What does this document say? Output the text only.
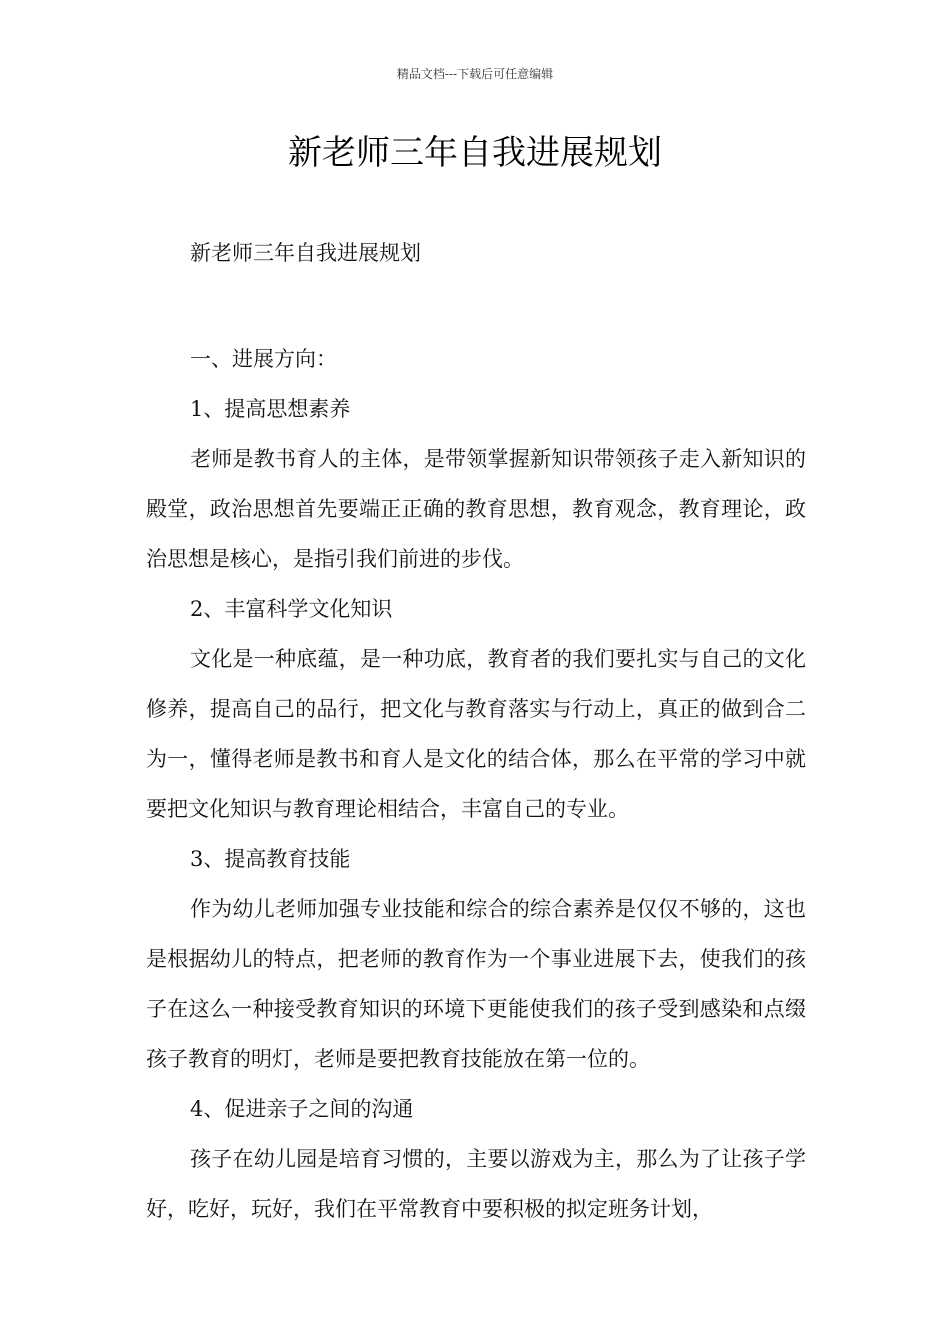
精品文档---下载后可任意编辑
新老师三年自我进展规划

新老师三年自我进展规划

一、进展方向：

1、提高思想素养

老师是教书育人的主体，是带领掌握新知识带领孩子走入新知识的殿堂，政治思想首先要端正正确的教育思想，教育观念，教育理论，政治思想是核心，是指引我们前进的步伐。

2、丰富科学文化知识

文化是一种底蕴，是一种功底，教育者的我们要扎实与自己的文化修养，提高自己的品行，把文化与教育落实与行动上，真正的做到合二为一，懂得老师是教书和育人是文化的结合体，那么在平常的学习中就要把文化知识与教育理论相结合，丰富自己的专业。

3、提高教育技能

作为幼儿老师加强专业技能和综合的综合素养是仅仅不够的，这也是根据幼儿的特点，把老师的教育作为一个事业进展下去，使我们的孩子在这么一种接受教育知识的环境下更能使我们的孩子受到感染和点缀孩子教育的明灯，老师是要把教育技能放在第一位的。

4、促进亲子之间的沟通

孩子在幼儿园是培育习惯的，主要以游戏为主，那么为了让孩子学好，吃好，玩好，我们在平常教育中要积极的拟定班务计划，
